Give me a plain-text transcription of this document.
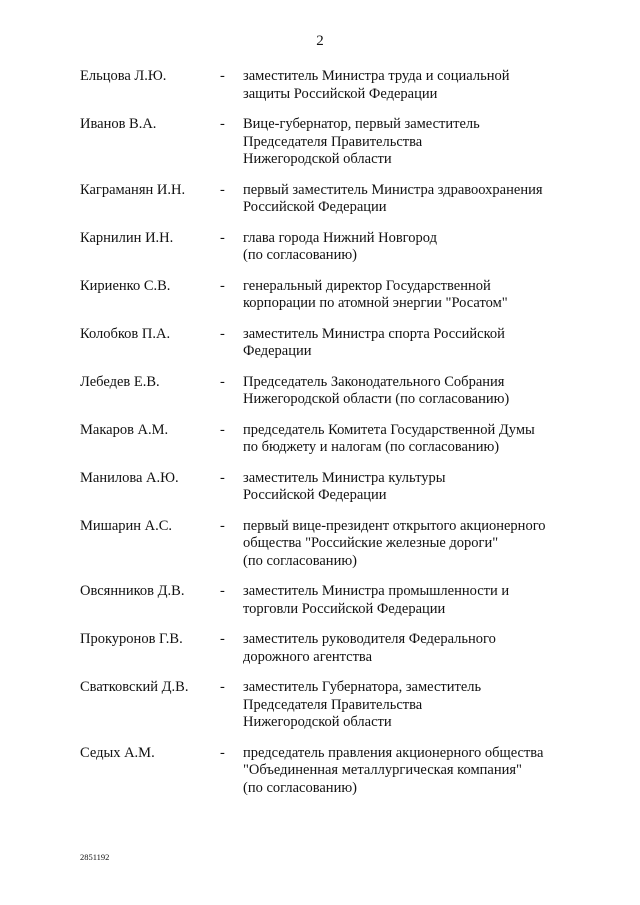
2
Ельцова Л.Ю.	-	заместитель Министра труда и социальной
защиты Российской Федерации
Иванов В.А.	-	Вице-губернатор, первый заместитель
Председателя Правительства
Нижегородской области
Каграманян И.Н.	-	первый заместитель Министра здравоохранения
Российской Федерации
Карнилин И.Н.	-	глава города Нижний Новгород
(по согласованию)
Кириенко С.В.	-	генеральный директор Государственной
корпорации по атомной энергии "Росатом"
Колобков П.А.	-	заместитель Министра спорта Российской
Федерации
Лебедев Е.В.	-	Председатель Законодательного Собрания
Нижегородской области (по согласованию)
Макаров А.М.	-	председатель Комитета Государственной Думы
по бюджету и налогам (по согласованию)
Манилова А.Ю.	-	заместитель Министра культуры
Российской Федерации
Мишарин А.С.	-	первый вице-президент открытого акционерного
общества "Российские железные дороги"
(по согласованию)
Овсянников Д.В.	-	заместитель Министра промышленности и
торговли Российской Федерации
Прокуронов Г.В.	-	заместитель руководителя Федерального
дорожного агентства
Сватковский Д.В.	-	заместитель Губернатора, заместитель
Председателя Правительства
Нижегородской области
Седых А.М.	-	председатель правления акционерного общества
"Объединенная металлургическая компания"
(по согласованию)
2851192
